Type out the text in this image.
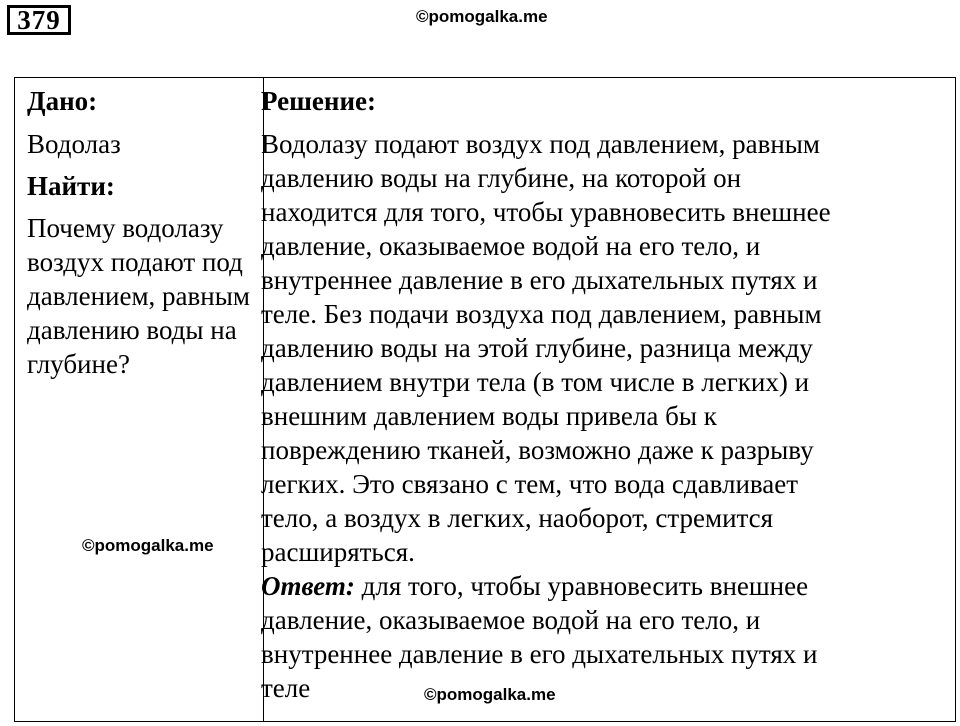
379	©pomogalka.me
Дано:
Водолаз
Найти:
Почему водолазу воздух подают под давлением, равным давлению воды на глубине?
Решение:
Водолазу подают воздух под давлением, равным
давлению воды на глубине, на которой он
находится для того, чтобы уравновесить внешнее
давление, оказываемое водой на его тело, и
внутреннее давление в его дыхательных путях и
теле. Без подачи воздуха под давлением, равным
давлению воды на этой глубине, разница между
давлением внутри тела (в том числе в легких) и
внешним давлением воды привела бы к
повреждению тканей, возможно даже к разрыву
легких. Это связано с тем, что вода сдавливает
тело, а воздух в легких, наоборот, стремится
расширяться.
Ответ: для того, чтобы уравновесить внешнее
давление, оказываемое водой на его тело, и
внутреннее давление в его дыхательных путях и
теле
©pomogalka.me
©pomogalka.me
